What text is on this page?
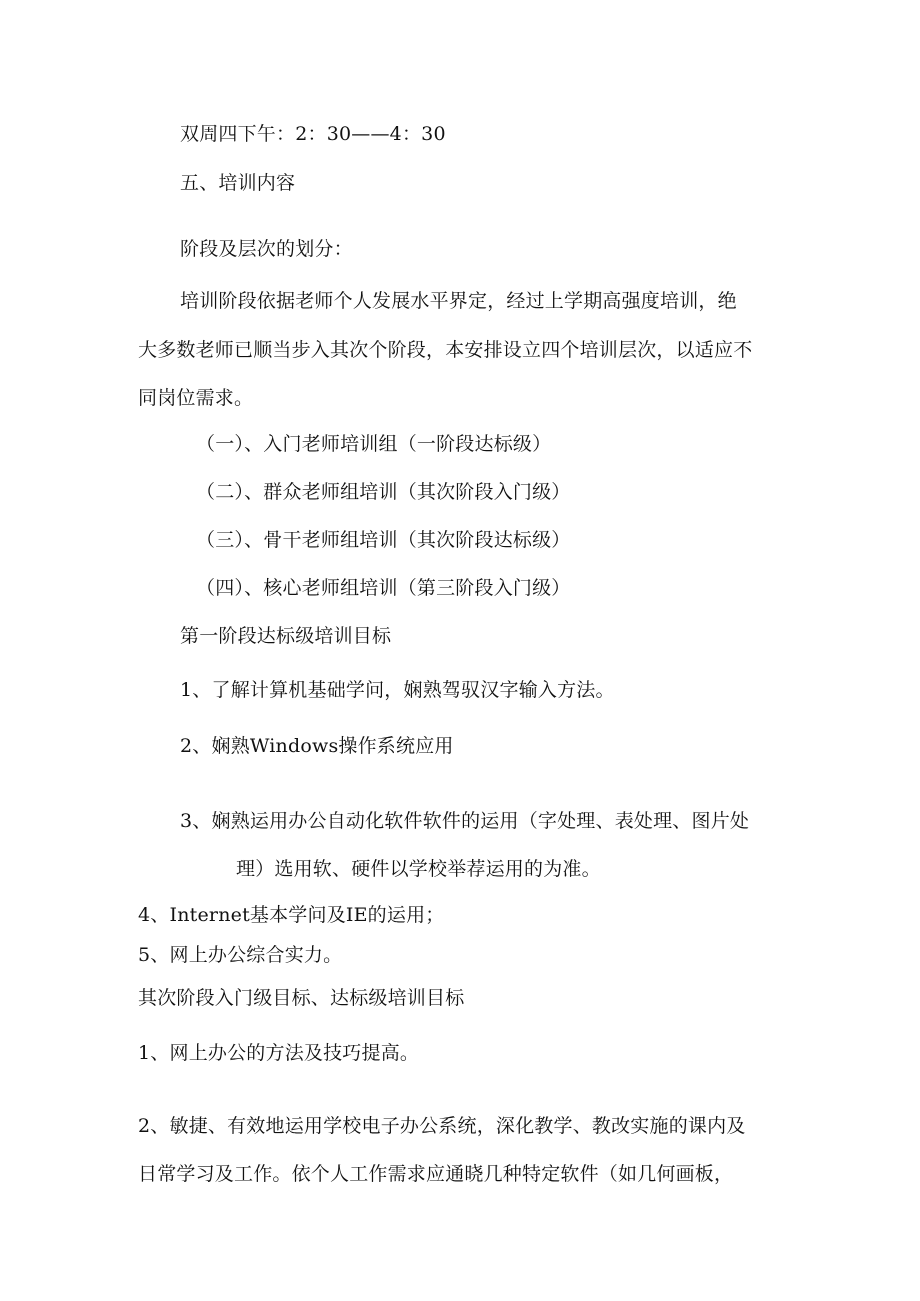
双周四下午：2：30——4：30

五、培训内容

阶段及层次的划分：

培训阶段依据老师个人发展水平界定，经过上学期高强度培训，绝

大多数老师已顺当步入其次个阶段，本安排设立四个培训层次，以适应不

同岗位需求。

（一）、入门老师培训组（一阶段达标级）

（二）、群众老师组培训（其次阶段入门级）

（三）、骨干老师组培训（其次阶段达标级）

（四）、核心老师组培训（第三阶段入门级）

第一阶段达标级培训目标

1、了解计算机基础学问，娴熟驾驭汉字输入方法。

2、娴熟Windows操作系统应用

3、娴熟运用办公自动化软件软件的运用（字处理、表处理、图片处

理）选用软、硬件以学校举荐运用的为准。

4、Internet基本学问及IE的运用；

5、网上办公综合实力。

其次阶段入门级目标、达标级培训目标

1、网上办公的方法及技巧提高。

2、敏捷、有效地运用学校电子办公系统，深化教学、教改实施的课内及

日常学习及工作。依个人工作需求应通晓几种特定软件（如几何画板，
